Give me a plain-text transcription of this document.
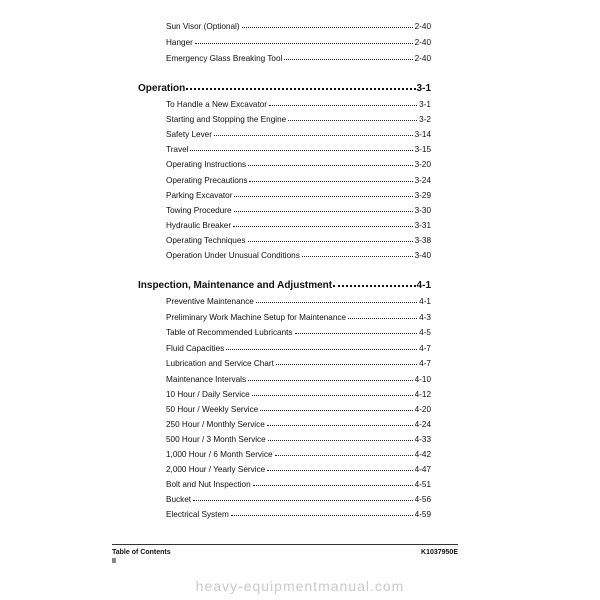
Sun Visor (Optional)	2-40
Hanger	2-40
Emergency Glass Breaking Tool	2-40
Operation	3-1
To Handle a New Excavator	3-1
Starting and Stopping the Engine	3-2
Safety Lever	3-14
Travel	3-15
Operating Instructions	3-20
Operating Precautions	3-24
Parking Excavator	3-29
Towing Procedure	3-30
Hydraulic Breaker	3-31
Operating Techniques	3-38
Operation Under Unusual Conditions	3-40
Inspection, Maintenance and Adjustment	4-1
Preventive Maintenance	4-1
Preliminary Work Machine Setup for Maintenance	4-3
Table of Recommended Lubricants	4-5
Fluid Capacities	4-7
Lubrication and Service Chart	4-7
Maintenance Intervals	4-10
10 Hour / Daily Service	4-12
50 Hour / Weekly Service	4-20
250 Hour / Monthly Service	4-24
500 Hour / 3 Month Service	4-33
1,000 Hour / 6 Month Service	4-42
2,000 Hour / Yearly Service	4-47
Bolt and Nut Inspection	4-51
Bucket	4-56
Electrical System	4-59
Table of Contents
II
K1037950E
heavy-equipmentmanual.com
